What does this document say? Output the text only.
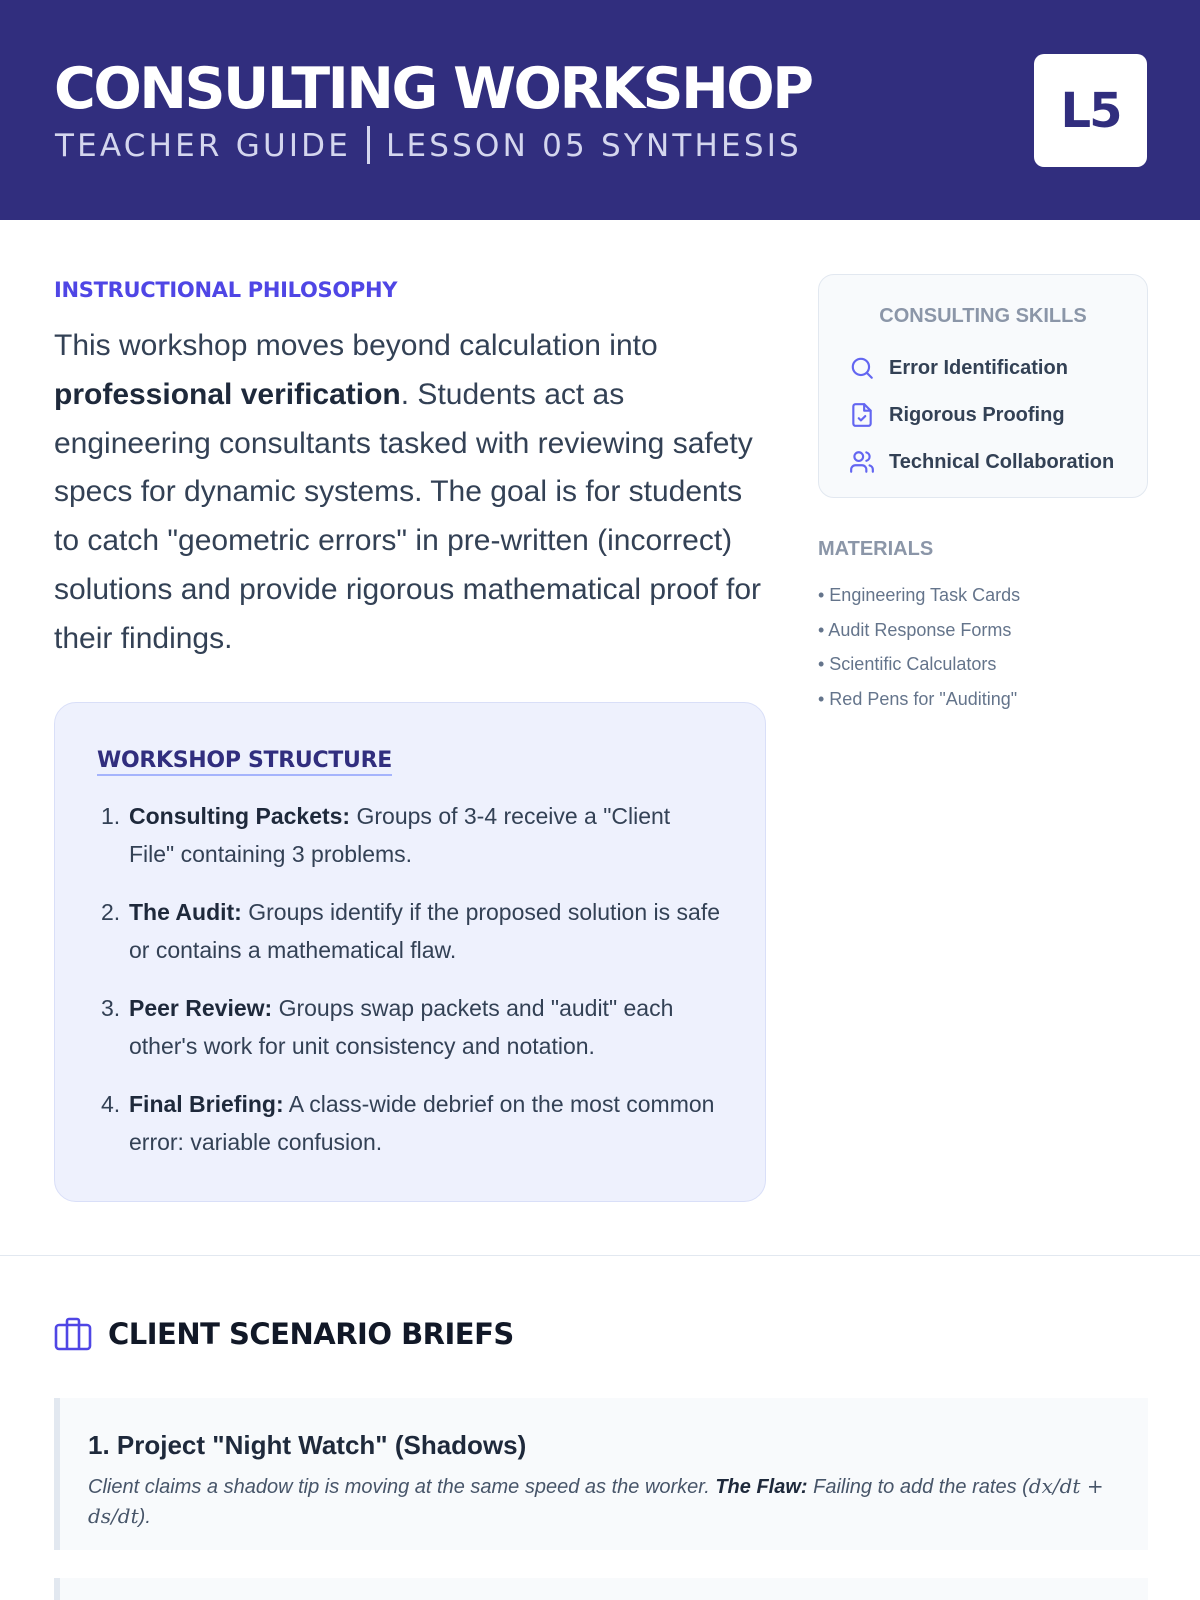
CONSULTING WORKSHOP
TEACHER GUIDE LESSON 05 SYNTHESIS
L5
INSTRUCTIONAL PHILOSOPHY

This workshop moves beyond calculation into professional verification. Students act as engineering consultants tasked with reviewing safety specs for dynamic systems. The goal is for students to catch "geometric errors" in pre-written (incorrect) solutions and provide rigorous mathematical proof for their findings.

WORKSHOP STRUCTURE
1. Consulting Packets: Groups of 3-4 receive a "Client File" containing 3 problems.
2. The Audit: Groups identify if the proposed solution is safe or contains a mathematical flaw.
3. Peer Review: Groups swap packets and "audit" each other's work for unit consistency and notation.
4. Final Briefing: A class-wide debrief on the most common error: variable confusion.
CONSULTING SKILLS
Error Identification
Rigorous Proofing
Technical Collaboration
MATERIALS
• Engineering Task Cards
• Audit Response Forms
• Scientific Calculators
• Red Pens for "Auditing"
CLIENT SCENARIO BRIEFS
1. Project "Night Watch" (Shadows)

Client claims a shadow tip is moving at the same speed as the worker. The Flaw: Failing to add the rates (dx/dt + ds/dt).
